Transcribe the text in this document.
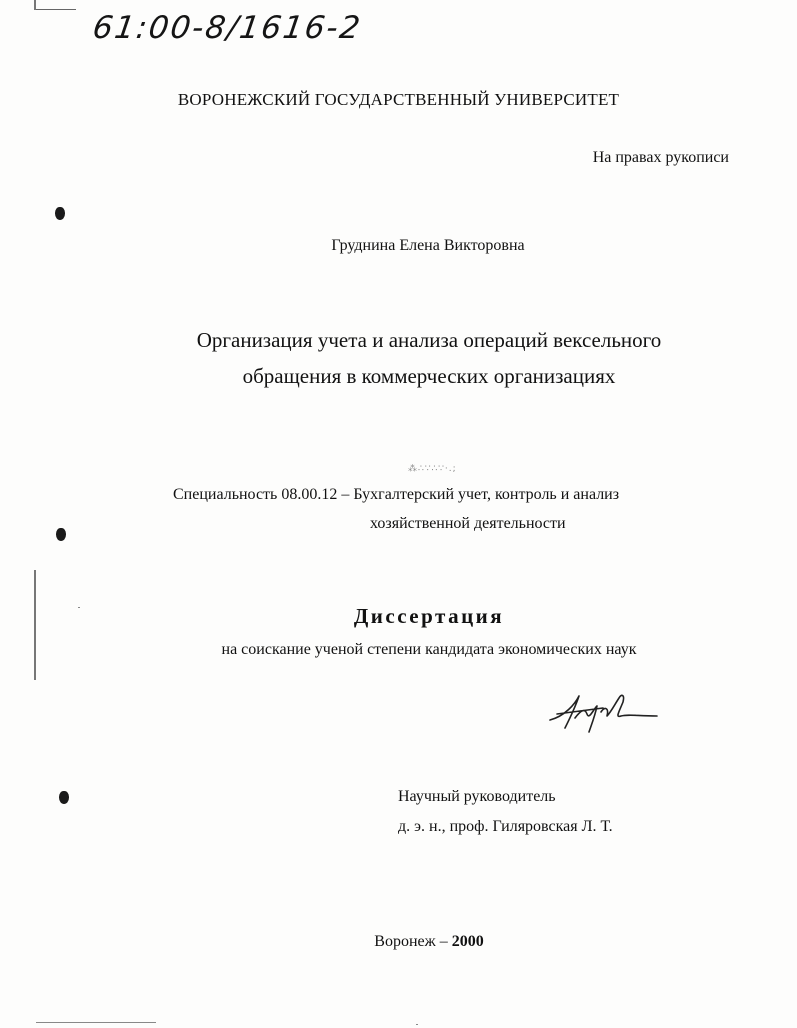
⁂∴∵∴∵·.;
61:00-8/1616-2
ВОРОНЕЖСКИЙ ГОСУДАРСТВЕННЫЙ УНИВЕРСИТЕТ
На правах рукописи
Груднина Елена Викторовна
Организация учета и анализа операций вексельного
обращения в коммерческих организациях
Специальность 08.00.12 – Бухгалтерский учет, контроль и анализ
хозяйственной деятельности
Диссертация
на соискание ученой степени кандидата экономических наук
Научный руководитель
д. э. н., проф. Гиляровская Л. Т.
Воронеж – 2000
